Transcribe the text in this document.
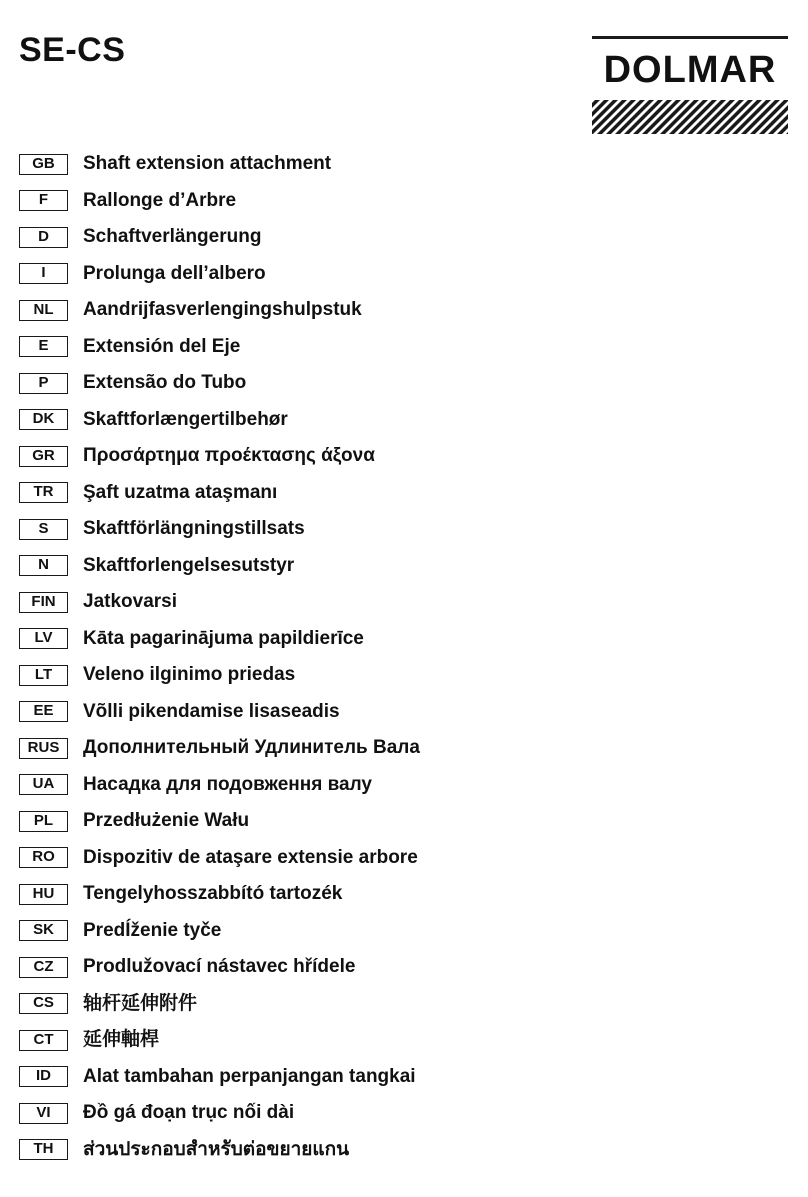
SE-CS	DOLMAR
GB	Shaft extension attachment
F	Rallonge d’Arbre
D	Schaftverlängerung
I	Prolunga dell’albero
NL	Aandrijfasverlengingshulpstuk
E	Extensión del Eje
P	Extensão do Tubo
DK	Skaftforlængertilbehør
GR	Προσάρτημα προέκτασης άξονα
TR	Şaft uzatma ataşmanı
S	Skaftförlängningstillsats
N	Skaftforlengelsesutstyr
FIN	Jatkovarsi
LV	Kāta pagarinājuma papildierīce
LT	Veleno ilginimo priedas
EE	Võlli pikendamise lisaseadis
RUS	Дополнительный Удлинитель Вала
UA	Насадка для подовження валу
PL	Przedłużenie Wału
RO	Dispozitiv de ataşare extensie arbore
HU	Tengelyhosszabbító tartozék
SK	PredÍženie tyče
CZ	Prodlužovací nástavec hřídele
CS	轴杆延伸附件
CT	延伸軸桿
ID	Alat tambahan perpanjangan tangkai
VI	Đồ gá đoạn trục nối dài
TH	ส่วนประกอบสำหรับต่อขยายแกน
